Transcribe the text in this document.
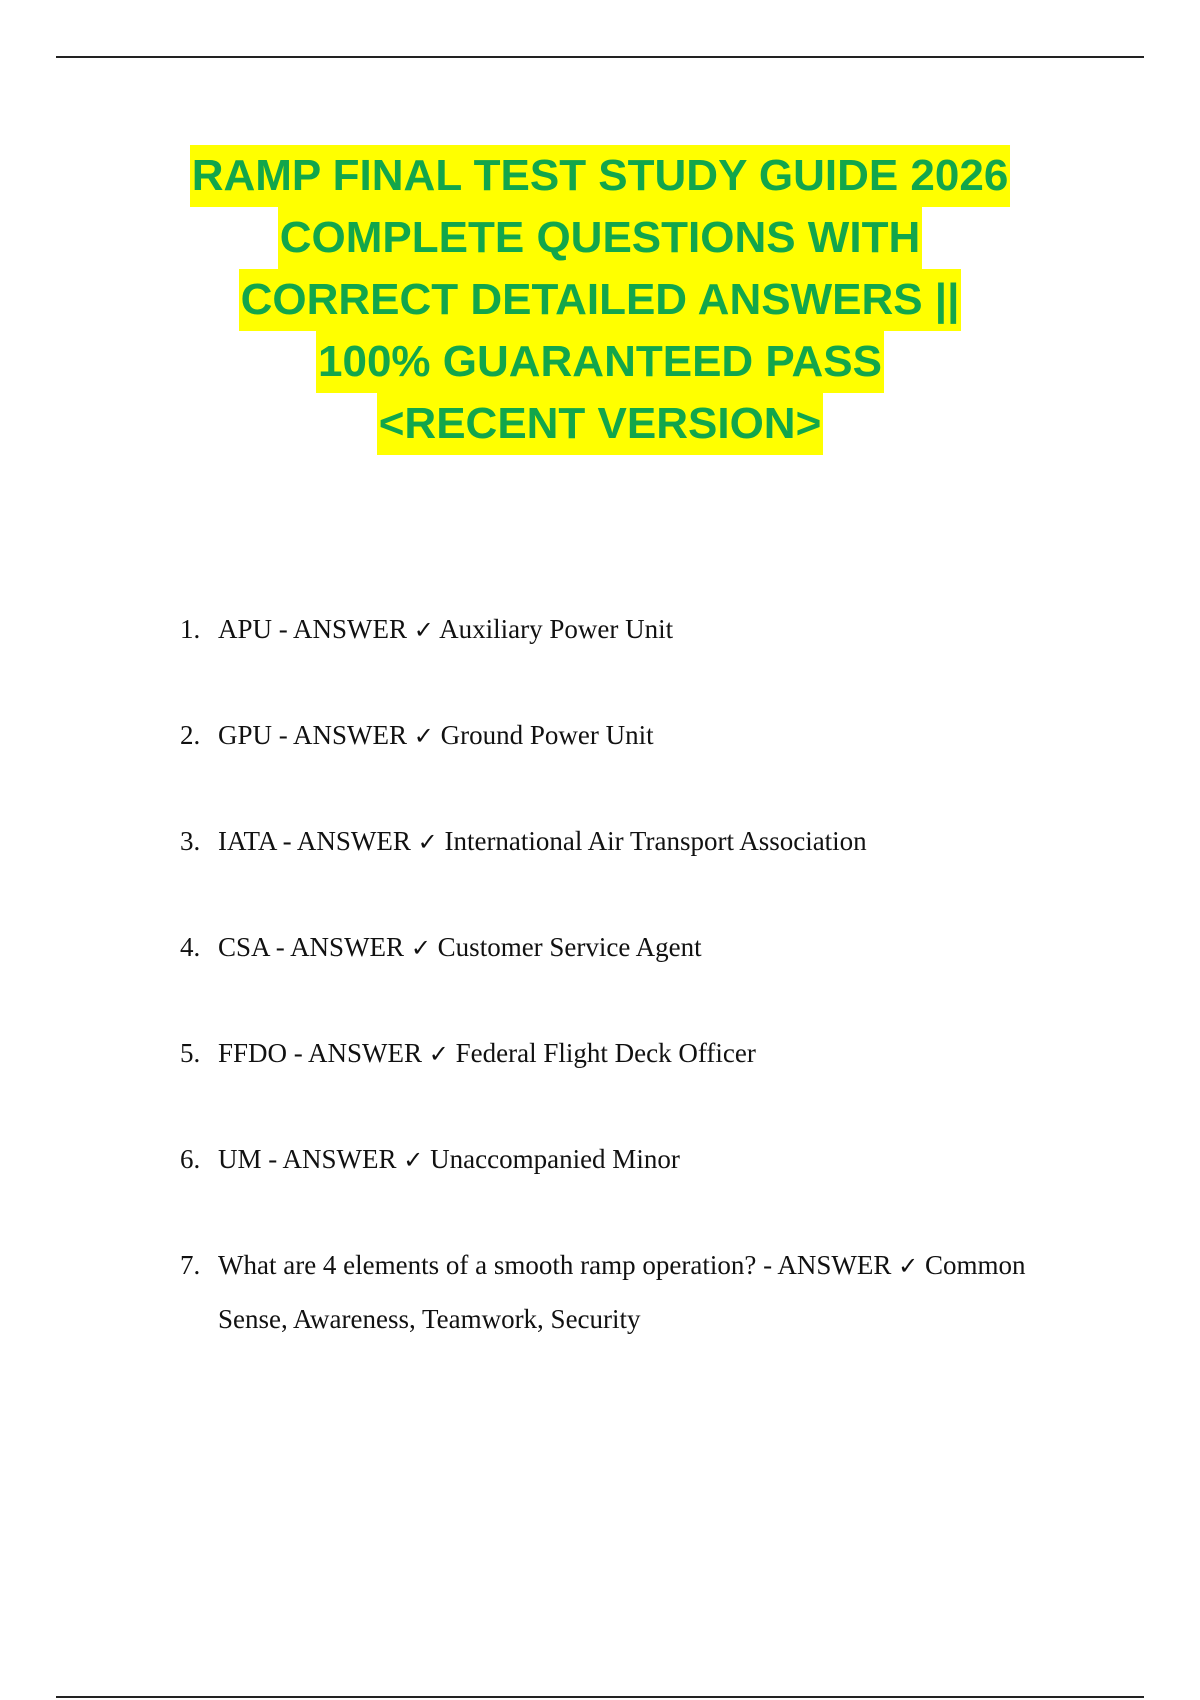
RAMP FINAL TEST STUDY GUIDE 2026
COMPLETE QUESTIONS WITH
CORRECT DETAILED ANSWERS ||
100% GUARANTEED PASS
<RECENT VERSION>
1. APU - ANSWER ✓ Auxiliary Power Unit
2. GPU - ANSWER ✓ Ground Power Unit
3. IATA - ANSWER ✓ International Air Transport Association
4. CSA - ANSWER ✓ Customer Service Agent
5. FFDO - ANSWER ✓ Federal Flight Deck Officer
6. UM - ANSWER ✓ Unaccompanied Minor
7. What are 4 elements of a smooth ramp operation? - ANSWER ✓ Common Sense, Awareness, Teamwork, Security
